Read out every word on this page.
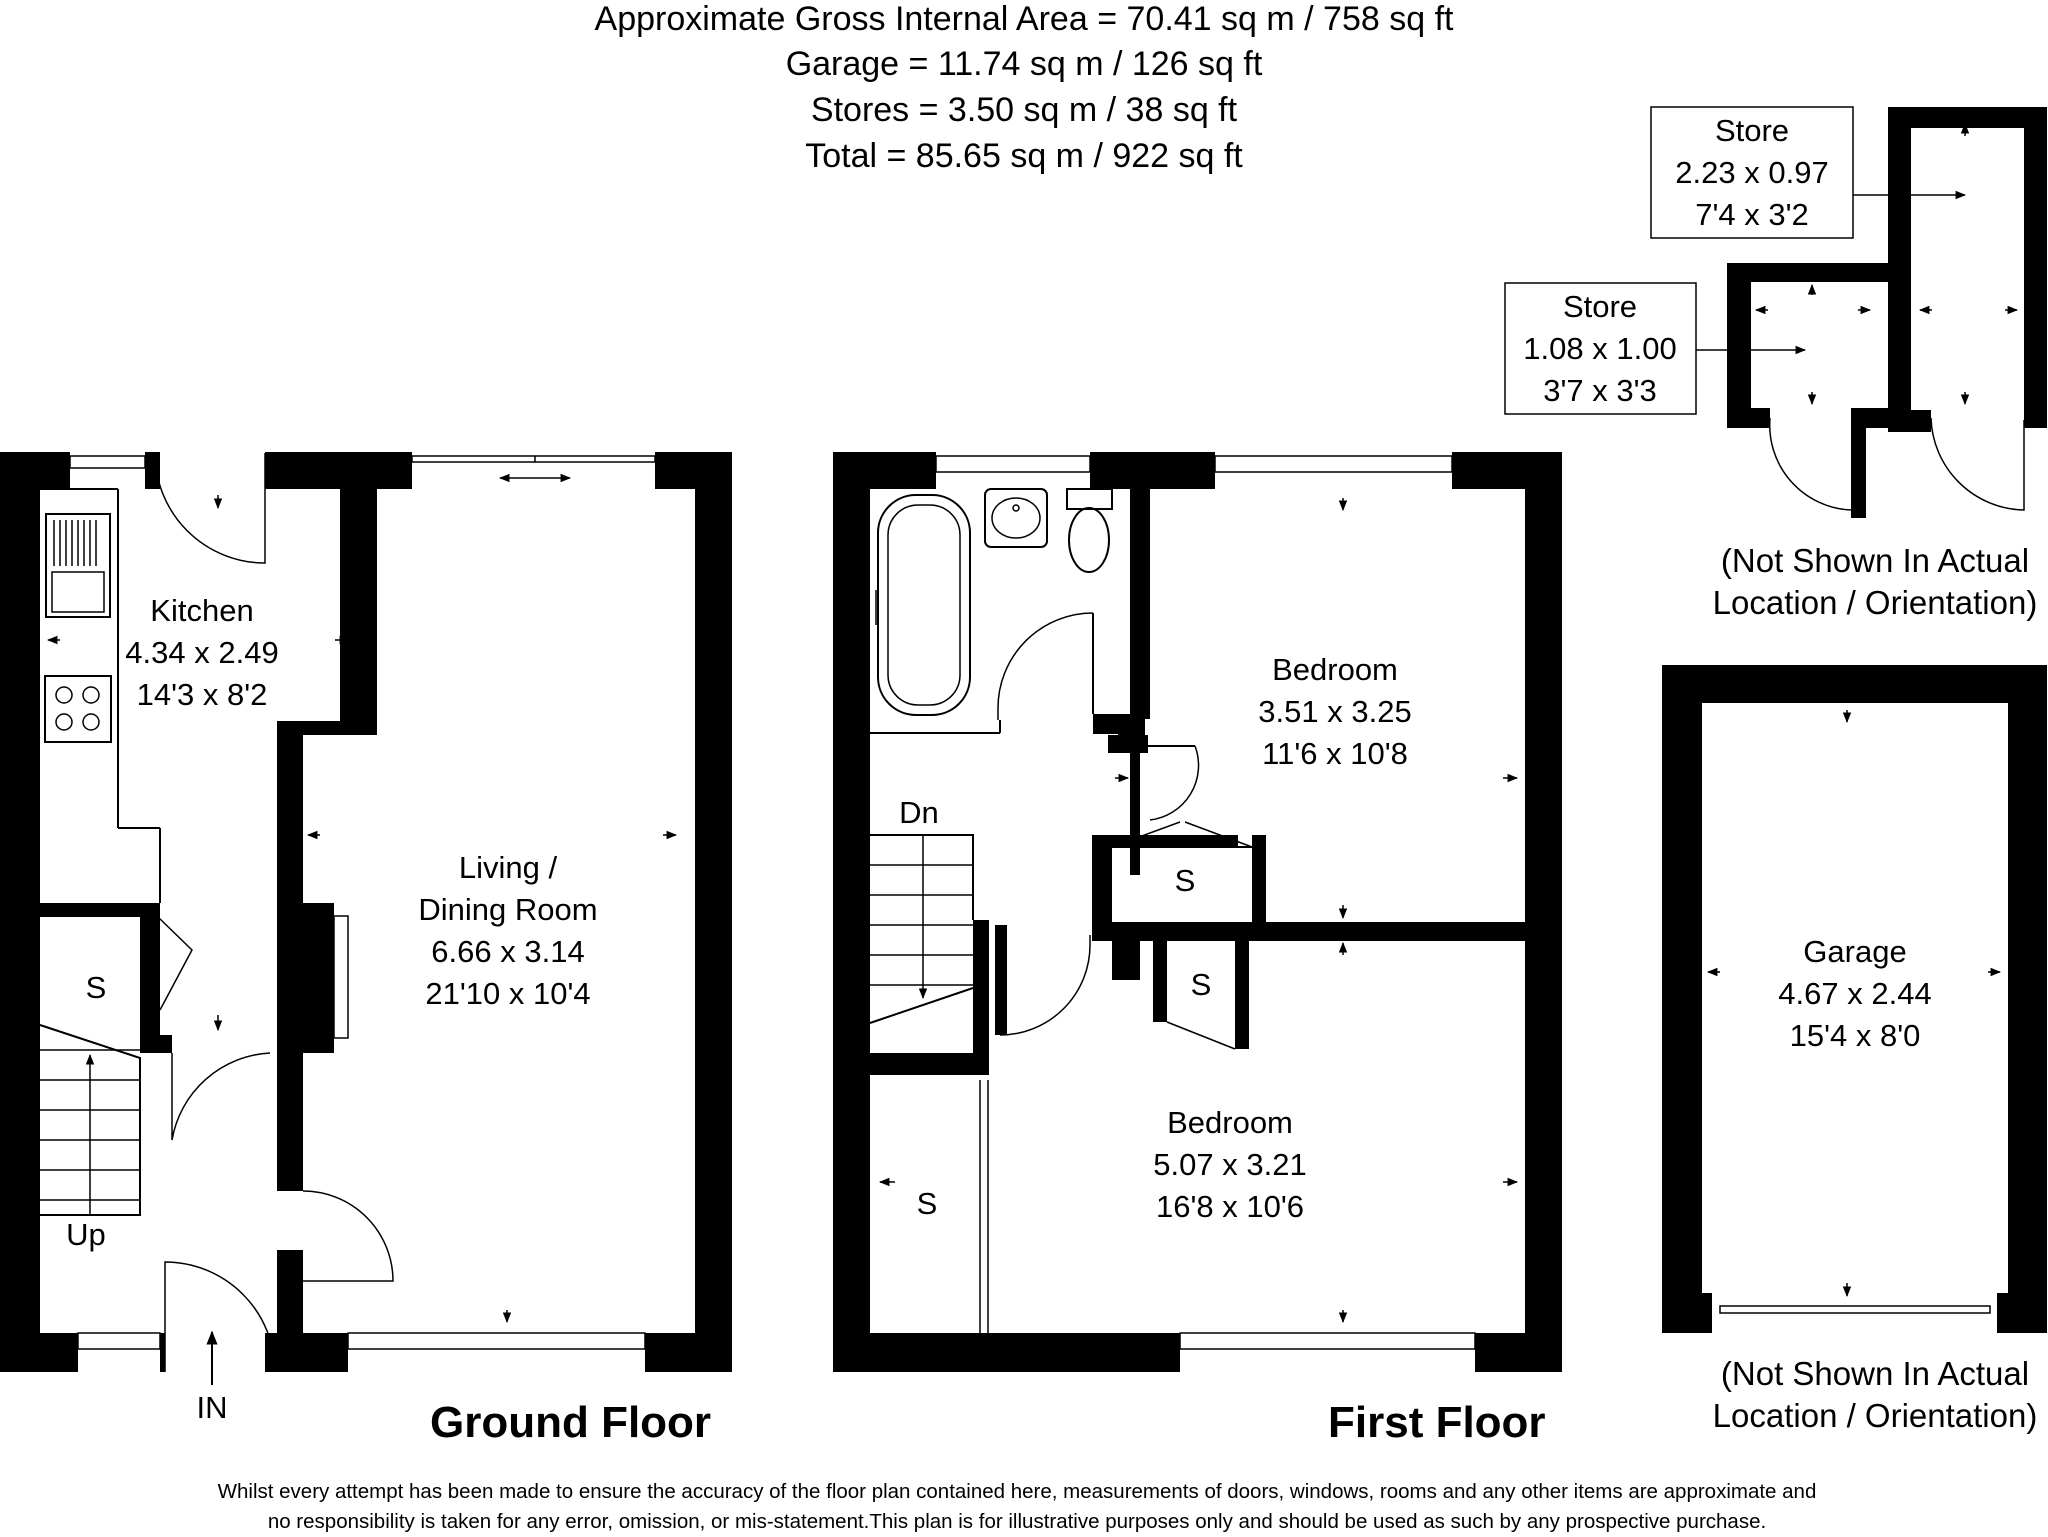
Approximate Gross Internal Area = 70.41 sq m / 758 sq ft
Garage = 11.74 sq m / 126 sq ft
Stores = 3.50 sq m / 38 sq ft
Total = 85.65 sq m / 922 sq ft
Kitchen
4.34 x 2.49
14'3 x 8'2
Living /
Dining Room
6.66 x 3.14
21'10 x 10'4
S
Up
IN	Ground Floor
Bedroom
3.51 x 3.25
11'6 x 10'8
S
S
S
Bedroom
5.07 x 3.21
16'8 x 10'6
Dn
First Floor
Store
2.23 x 0.97
7'4 x 3'2
Store
1.08 x 1.00
3'7 x 3'3
(Not Shown In Actual
Location / Orientation)
Garage
4.67 x 2.44
15'4 x 8'0
(Not Shown In Actual
Location / Orientation)
Whilst every attempt has been made to ensure the accuracy of the floor plan contained here, measurements of doors, windows, rooms and any other items are approximate and
no responsibility is taken for any error, omission, or mis-statement.This plan is for illustrative purposes only and should be used as such by any prospective purchase.
